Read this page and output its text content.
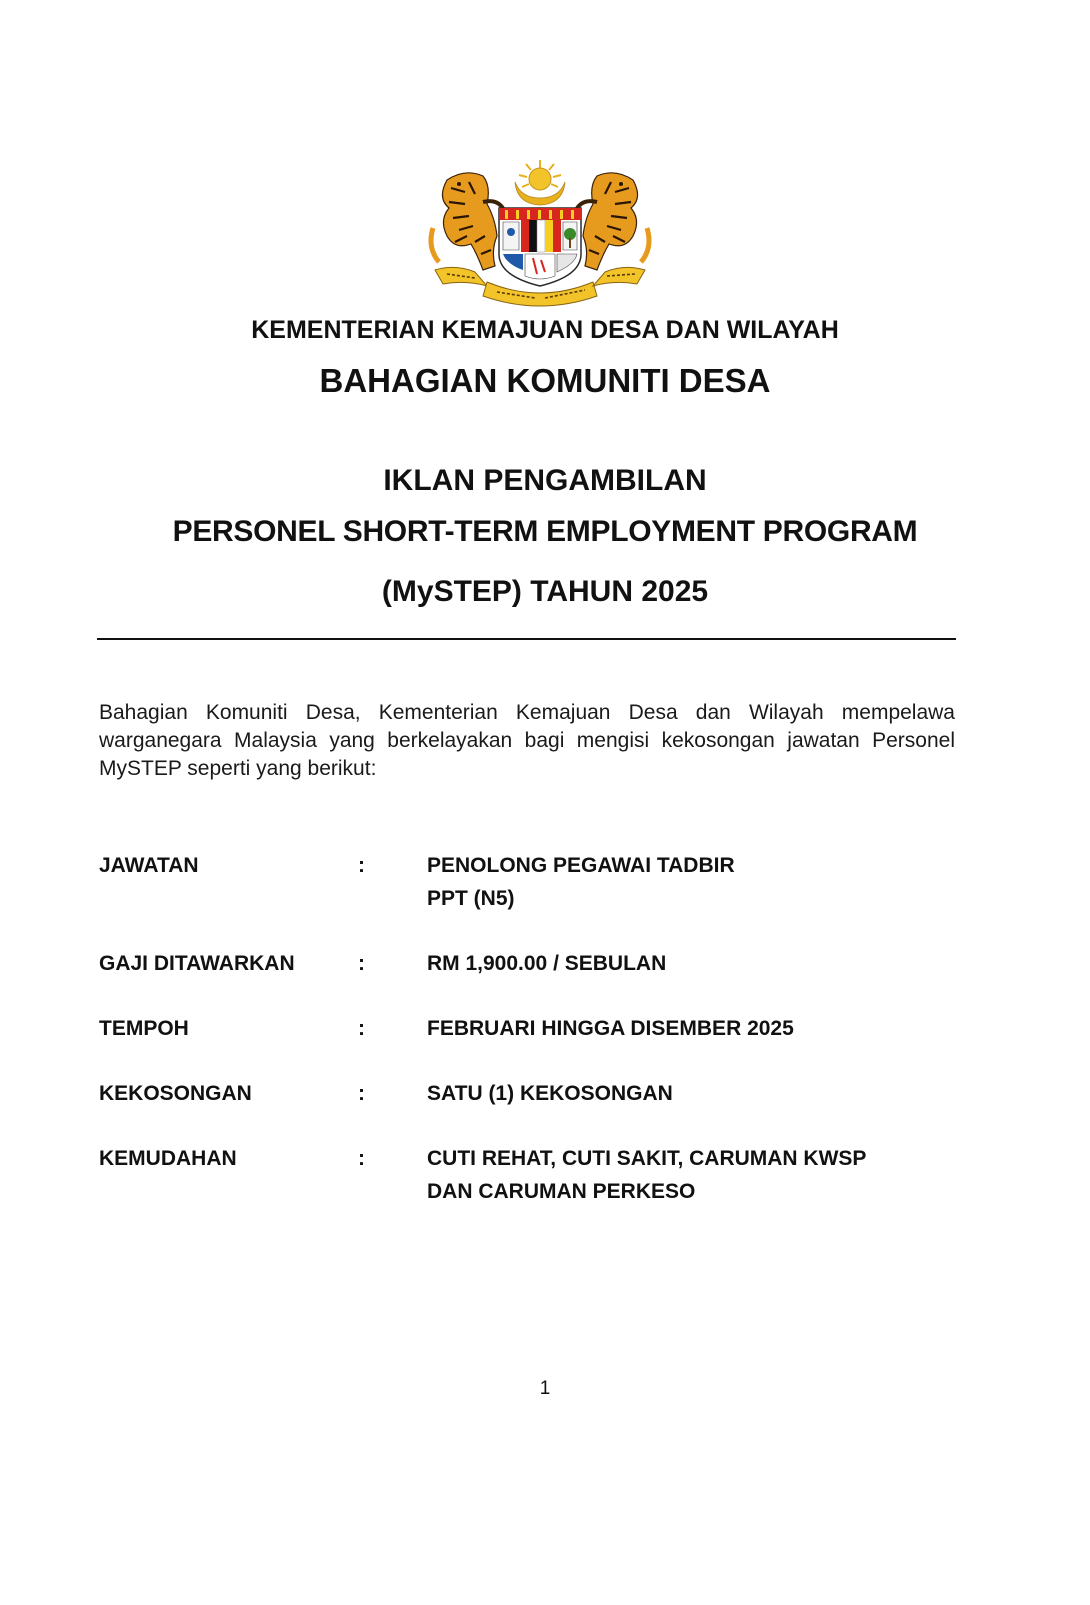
KEMENTERIAN KEMAJUAN DESA DAN WILAYAH
BAHAGIAN KOMUNITI DESA
IKLAN PENGAMBILAN
PERSONEL SHORT-TERM EMPLOYMENT PROGRAM
(MySTEP) TAHUN 2025
Bahagian Komuniti Desa, Kementerian Kemajuan Desa dan Wilayah mempelawa warganegara Malaysia yang berkelayakan bagi mengisi kekosongan jawatan Personel MySTEP seperti yang berikut:
JAWATAN	:	PENOLONG PEGAWAI TADBIR
PPT (N5)
GAJI DITAWARKAN	:	RM 1,900.00 / SEBULAN
TEMPOH	:	FEBRUARI HINGGA DISEMBER 2025
KEKOSONGAN	:	SATU (1) KEKOSONGAN
KEMUDAHAN	:	CUTI REHAT, CUTI SAKIT, CARUMAN KWSP
DAN CARUMAN PERKESO
1
